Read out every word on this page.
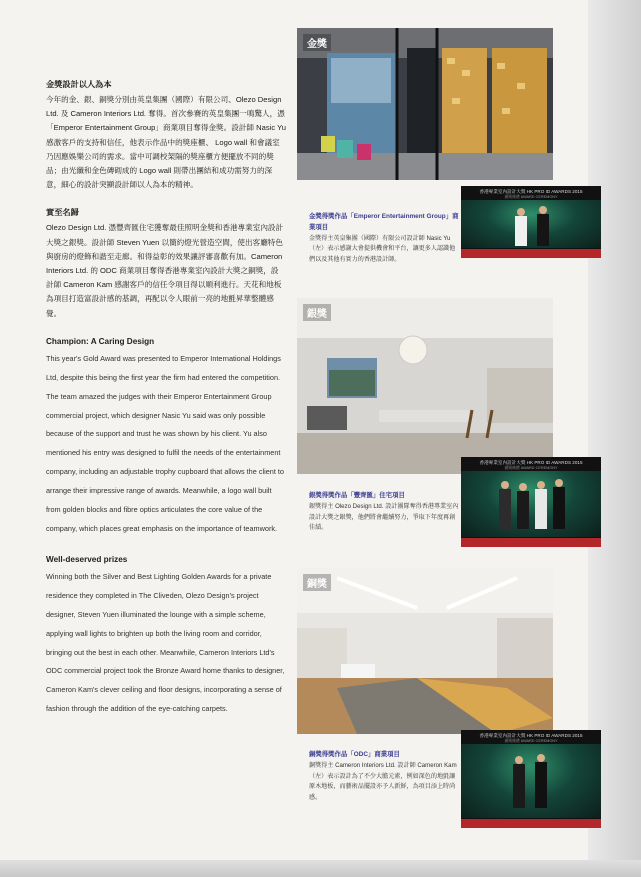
金獎設計以人為本

今年的金、銀、銅獎分別由英皇集團（國際）有限公司、Olezo Design Ltd. 及 Cameron Interiors Ltd. 奪得。首次參賽的英皇集團一鳴驚人，憑「Emperor Entertainment Group」商業項目奪得金獎。設計師 Nasic Yu 感激客戶的支持和信任，他表示作品中的獎座櫃、 Logo wall 和會議室乃因應娛樂公司的需求。當中可調校架隔的獎座櫃方便擺放不同的獎品；由光纖和金色磚砌成的 Logo wall 則帶出團結和成功需努力的深意，細心的設計突顯設計師以人為本的精神。

實至名歸

Olezo Design Ltd. 憑豐齊匯住宅獲奪最佳照明金獎和香港專業室內設計大獎之銀獎。設計師 Steven Yuen 以簡約燈光營造空間，使出客廳特色與廚房的燈飾和諧至走廊。和得益彰的效果讓評審喜歡有加。Cameron Interiors Ltd. 的 ODC 商業項目奪得香港專業室內設計大獎之銅獎，設計師 Cameron Kam 感謝客戶的信任令項目得以順利進行。天花和地板為項目打造富設計感的基調，再配以令人眼前一亮的地氈昇華整體感覺。

Champion: A Caring Design

This year's Gold Award was presented to Emperor International Holdings Ltd, despite this being the first year the firm had entered the competition. The team amazed the judges with their Emperor Entertainment Group commercial project, which designer Nasic Yu said was only possible because of the support and trust he was shown by his client. Yu also mentioned his entry was designed to fulfil the needs of the entertainment company, including an adjustable trophy cupboard that allows the client to arrange their impressive range of awards. Meanwhile, a logo wall built from golden blocks and fibre optics articulates the core value of the company, which places great emphasis on the importance of teamwork.

Well-deserved prizes

Winning both the Silver and Best Lighting Golden Awards for a private residence they completed in The Cliveden, Olezo Design's project designer, Steven Yuen illuminated the lounge with a simple scheme, applying wall lights to brighten up both the living room and corridor, bringing out the best in each other. Meanwhile, Cameron Interiors Ltd's ODC commercial project took the Bronze Award home thanks to designer, Cameron Kam's clever ceiling and floor designs, incorporating a sense of fashion through the addition of the eye-catching carpets.

金獎
香港專業室內設計大獎 HK PRO ID AWARDS 2015
頒獎典禮 AWARD CEREMONY
金獎得獎作品「Emperor Entertainment Group」商業項目
金獎得主英皇集團（國際）有限公司設計師 Nasic Yu（左）表示感謝大會提供機會和平台，讓更多人認識他們以及其他有實力的香港設計師。
銀獎
香港專業室內設計大獎 HK PRO ID AWARDS 2015
頒獎典禮 AWARD CEREMONY
銀獎得獎作品「豐齊匯」住宅項目
銀獎得主 Olezo Design Ltd. 設計團隊奪得香港專業室內設計大獎之銀獎，他們將會繼續努力，爭取下年度再創佳績。
銅獎
香港專業室內設計大獎 HK PRO ID AWARDS 2015
頒獎典禮 AWARD CEREMONY
銅獎得獎作品「ODC」商業項目
銅獎得主 Cameron Interiors Ltd. 設計師 Cameron Kam（左）表示設計為了不少大膽元素，例如深色的地氈讓原木地板，而藝術品擺設亦予人新鮮，為項目添上時尚感。
